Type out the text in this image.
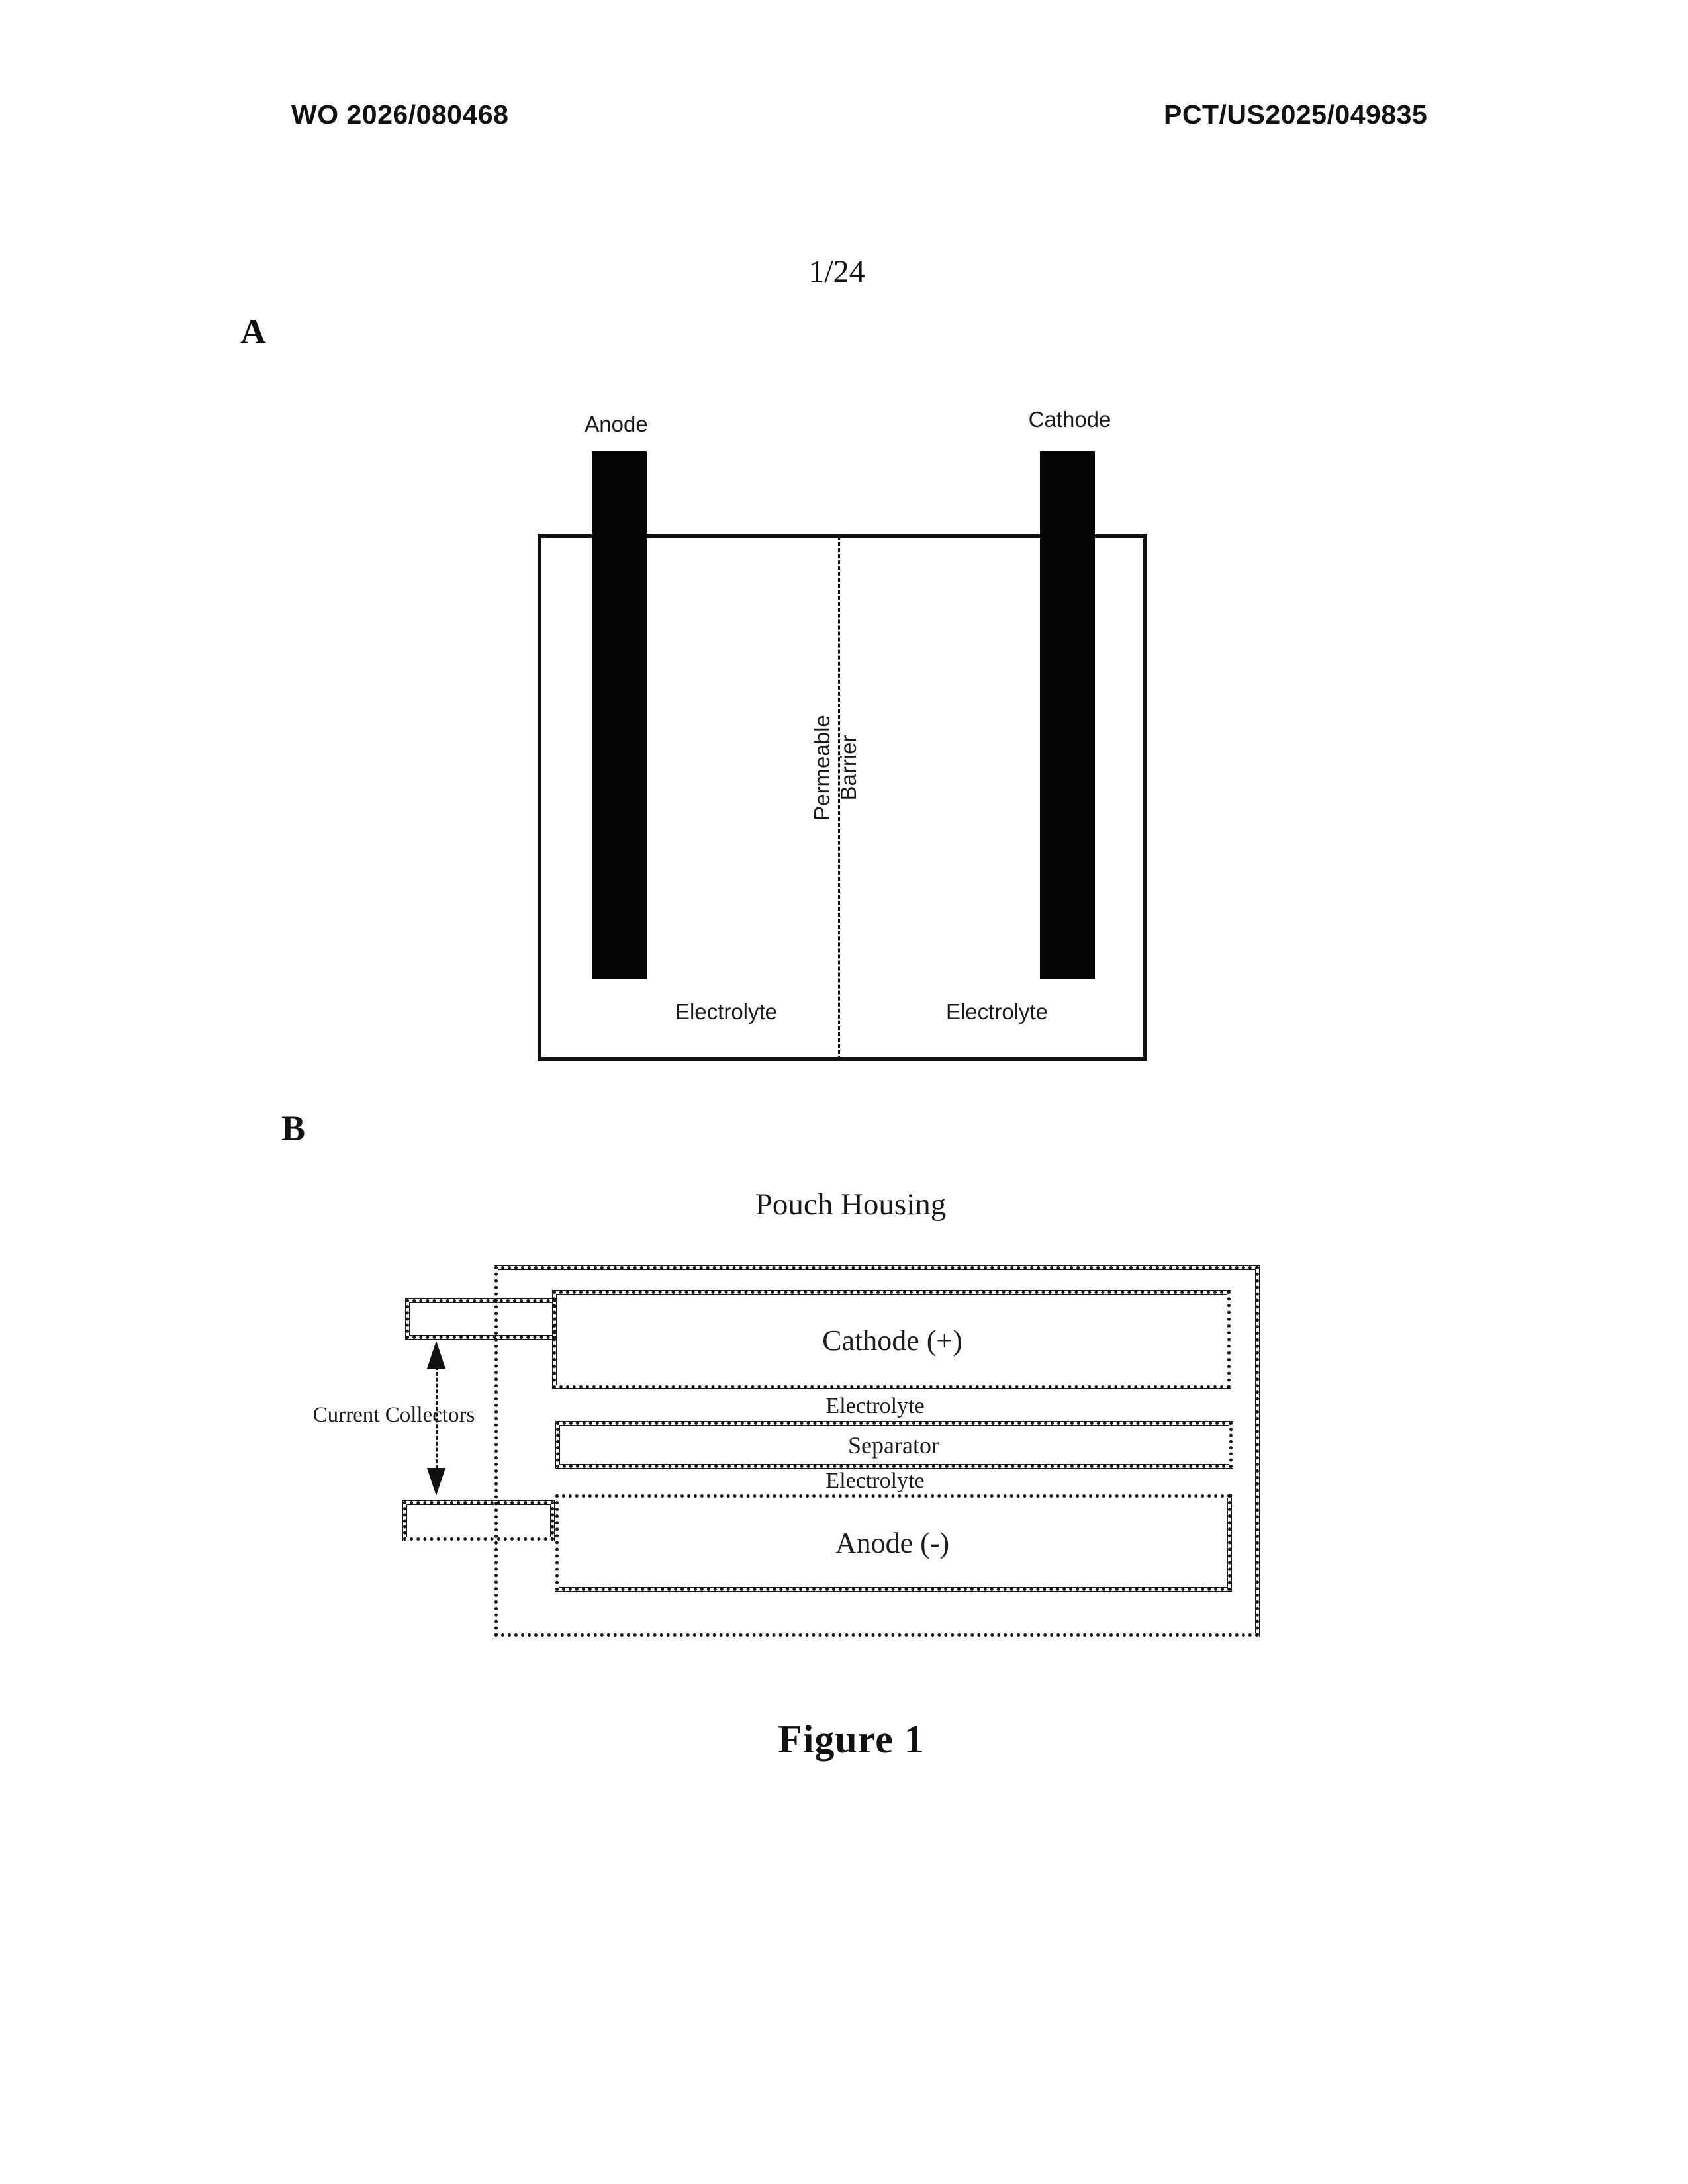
WO 2026/080468	PCT/US2025/049835
1/24
A
Anode	Cathode
Permeable Barrier
Electrolyte	Electrolyte
B
Pouch Housing
Cathode (+)
Electrolyte
Separator
Electrolyte
Anode (-)
Current Collectors
Figure 1
